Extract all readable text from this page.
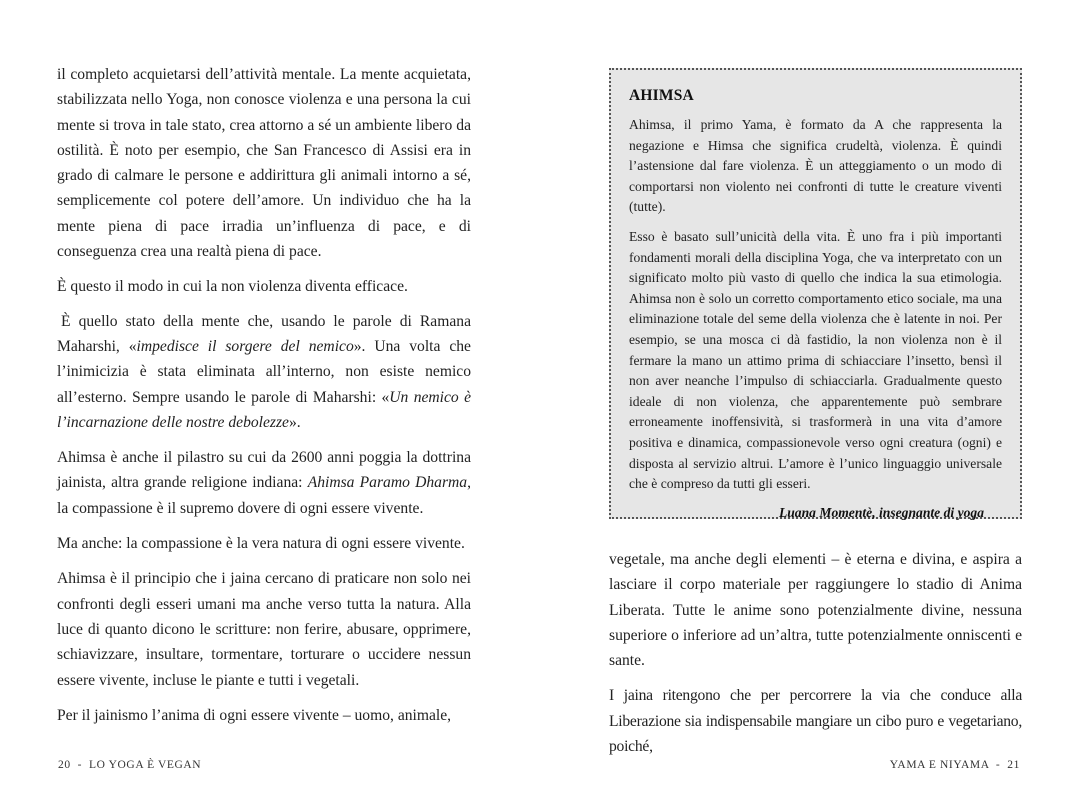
il completo acquietarsi dell’attività mentale. La mente acquietata, stabilizzata nello Yoga, non conosce violenza e una persona la cui mente si trova in tale stato, crea attorno a sé un ambiente libero da ostilità. È noto per esempio, che San Francesco di Assisi era in grado di calmare le persone e addirittura gli animali intorno a sé, semplicemente col potere dell’amore. Un individuo che ha la mente piena di pace irradia un’influenza di pace, e di conseguenza crea una realtà piena di pace.

È questo il modo in cui la non violenza diventa efficace.

È quello stato della mente che, usando le parole di Ramana Maharshi, «impedisce il sorgere del nemico». Una volta che l’inimicizia è stata eliminata all’interno, non esiste nemico all’esterno. Sempre usando le parole di Maharshi: «Un nemico è l’incarnazione delle nostre debolezze».

Ahimsa è anche il pilastro su cui da 2600 anni poggia la dottrina jainista, altra grande religione indiana: Ahimsa Paramo Dharma, la compassione è il supremo dovere di ogni essere vivente.

Ma anche: la compassione è la vera natura di ogni essere vivente.

Ahimsa è il principio che i jaina cercano di praticare non solo nei confronti degli esseri umani ma anche verso tutta la natura. Alla luce di quanto dicono le scritture: non ferire, abusare, opprimere, schiavizzare, insultare, tormentare, torturare o uccidere nessun essere vivente, incluse le piante e tutti i vegetali.

Per il jainismo l’anima di ogni essere vivente – uomo, animale,

20  -  LO YOGA È VEGAN
AHIMSA

Ahimsa, il primo Yama, è formato da A che rappresenta la negazione e Himsa che significa crudeltà, violenza. È quindi l’astensione dal fare violenza. È un atteggiamento o un modo di comportarsi non violento nei confronti di tutte le creature viventi (tutte).

Esso è basato sull’unicità della vita. È uno fra i più importanti fondamenti morali della disciplina Yoga, che va interpretato con un significato molto più vasto di quello che indica la sua etimologia. Ahimsa non è solo un corretto comportamento etico sociale, ma una eliminazione totale del seme della violenza che è latente in noi. Per esempio, se una mosca ci dà fastidio, la non violenza non è il fermare la mano un attimo prima di schiacciare l’insetto, bensì il non aver neanche l’impulso di schiacciarla. Gradualmente questo ideale di non violenza, che apparentemente può sembrare erroneamente inoffensività, si trasformerà in una vita d’amore positiva e dinamica, compassionevole verso ogni creatura (ogni) e disposta al servizio altrui. L’amore è l’unico linguaggio universale che è compreso da tutti gli esseri.

Luana Momentè, insegnante di yoga

vegetale, ma anche degli elementi – è eterna e divina, e aspira a lasciare il corpo materiale per raggiungere lo stadio di Anima Liberata. Tutte le anime sono potenzialmente divine, nessuna superiore o inferiore ad un’altra, tutte potenzialmente onniscenti e sante.

I jaina ritengono che per percorrere la via che conduce alla Liberazione sia indispensabile mangiare un cibo puro e vegetariano, poiché,

YAMA E NIYAMA  -  21
